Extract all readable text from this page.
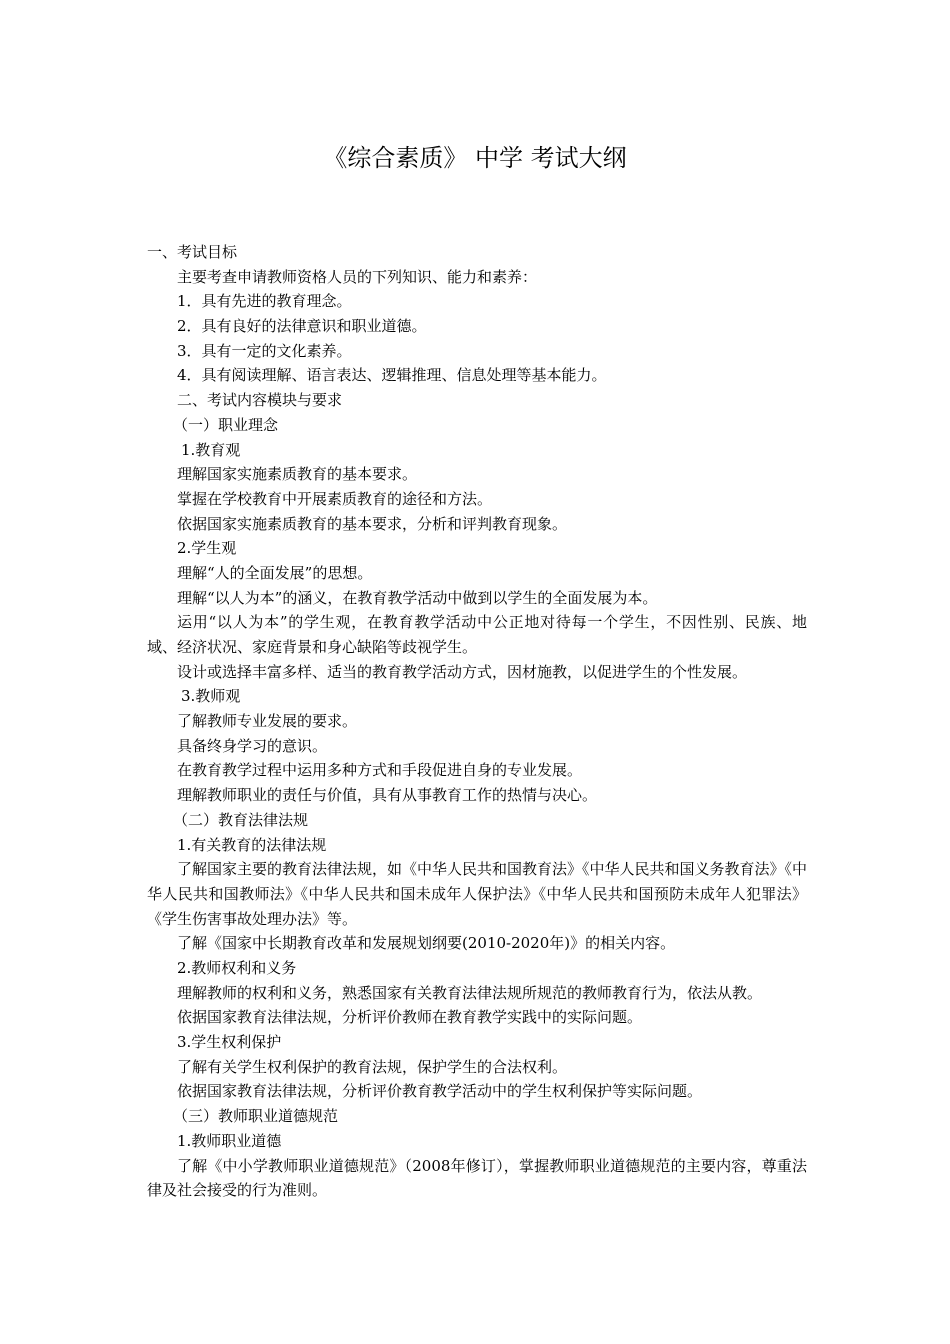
《综合素质》 中学 考试大纲
一、考试目标
主要考查申请教师资格人员的下列知识、能力和素养：
1．具有先进的教育理念。
2．具有良好的法律意识和职业道德。
3．具有一定的文化素养。
4．具有阅读理解、语言表达、逻辑推理、信息处理等基本能力。
二、考试内容模块与要求
（一）职业理念
1.教育观
理解国家实施素质教育的基本要求。
掌握在学校教育中开展素质教育的途径和方法。
依据国家实施素质教育的基本要求，分析和评判教育现象。
2.学生观
理解“人的全面发展”的思想。
理解“以人为本”的涵义，在教育教学活动中做到以学生的全面发展为本。
运用“以人为本”的学生观，在教育教学活动中公正地对待每一个学生，不因性别、民族、地域、经济状况、家庭背景和身心缺陷等歧视学生。
设计或选择丰富多样、适当的教育教学活动方式，因材施教，以促进学生的个性发展。
3.教师观
了解教师专业发展的要求。
具备终身学习的意识。
在教育教学过程中运用多种方式和手段促进自身的专业发展。
理解教师职业的责任与价值，具有从事教育工作的热情与决心。
（二）教育法律法规
1.有关教育的法律法规
了解国家主要的教育法律法规，如《中华人民共和国教育法》《中华人民共和国义务教育法》《中华人民共和国教师法》《中华人民共和国未成年人保护法》《中华人民共和国预防未成年人犯罪法》《学生伤害事故处理办法》等。
了解《国家中长期教育改革和发展规划纲要(2010-2020年)》的相关内容。
2.教师权利和义务
理解教师的权利和义务，熟悉国家有关教育法律法规所规范的教师教育行为，依法从教。
依据国家教育法律法规，分析评价教师在教育教学实践中的实际问题。
3.学生权利保护
了解有关学生权利保护的教育法规，保护学生的合法权利。
依据国家教育法律法规，分析评价教育教学活动中的学生权利保护等实际问题。
（三）教师职业道德规范
1.教师职业道德
了解《中小学教师职业道德规范》（2008年修订），掌握教师职业道德规范的主要内容，尊重法律及社会接受的行为准则。
